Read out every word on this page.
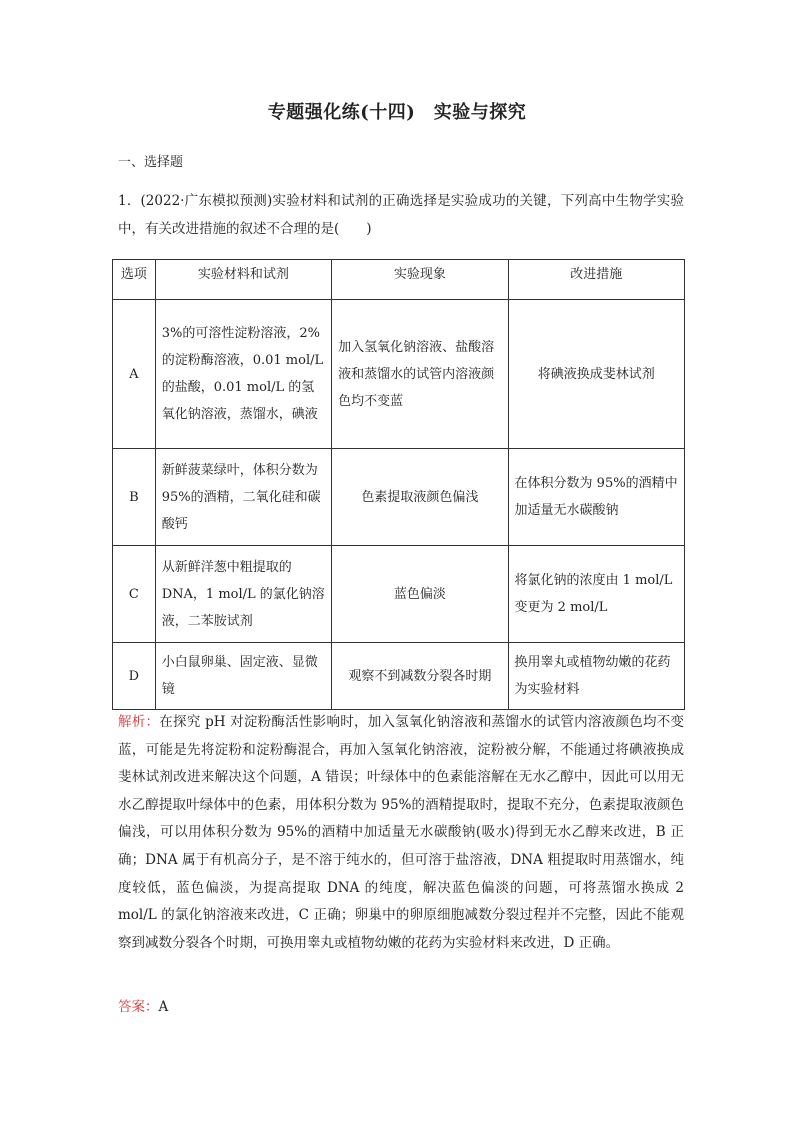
专题强化练(十四)　实验与探究
一、选择题
1．(2022·广东模拟预测)实验材料和试剂的正确选择是实验成功的关键，下列高中生物学实验中，有关改进措施的叙述不合理的是(　　)
选项	实验材料和试剂	实验现象	改进措施
A	3%的可溶性淀粉溶液，2%的淀粉酶溶液，0.01 mol/L 的盐酸，0.01 mol/L 的氢氧化钠溶液，蒸馏水，碘液	加入氢氧化钠溶液、盐酸溶液和蒸馏水的试管内溶液颜色均不变蓝	将碘液换成斐林试剂
B	新鲜菠菜绿叶，体积分数为 95%的酒精，二氧化硅和碳酸钙	色素提取液颜色偏浅	在体积分数为 95%的酒精中加适量无水碳酸钠
C	从新鲜洋葱中粗提取的 DNA，1 mol/L 的氯化钠溶液，二苯胺试剂	蓝色偏淡	将氯化钠的浓度由 1 mol/L 变更为 2 mol/L
D	小白鼠卵巢、固定液、显微镜	观察不到减数分裂各时期	换用睾丸或植物幼嫩的花药为实验材料
解析：在探究 pH 对淀粉酶活性影响时，加入氢氧化钠溶液和蒸馏水的试管内溶液颜色均不变蓝，可能是先将淀粉和淀粉酶混合，再加入氢氧化钠溶液，淀粉被分解，不能通过将碘液换成斐林试剂改进来解决这个问题，A 错误；叶绿体中的色素能溶解在无水乙醇中，因此可以用无水乙醇提取叶绿体中的色素，用体积分数为 95%的酒精提取时，提取不充分，色素提取液颜色偏浅，可以用体积分数为 95%的酒精中加适量无水碳酸钠(吸水)得到无水乙醇来改进，B 正确；DNA 属于有机高分子，是不溶于纯水的，但可溶于盐溶液，DNA 粗提取时用蒸馏水，纯度较低，蓝色偏淡，为提高提取 DNA 的纯度，解决蓝色偏淡的问题，可将蒸馏水换成 2 mol/L 的氯化钠溶液来改进，C 正确；卵巢中的卵原细胞减数分裂过程并不完整，因此不能观察到减数分裂各个时期，可换用睾丸或植物幼嫩的花药为实验材料来改进，D 正确。
答案：A
